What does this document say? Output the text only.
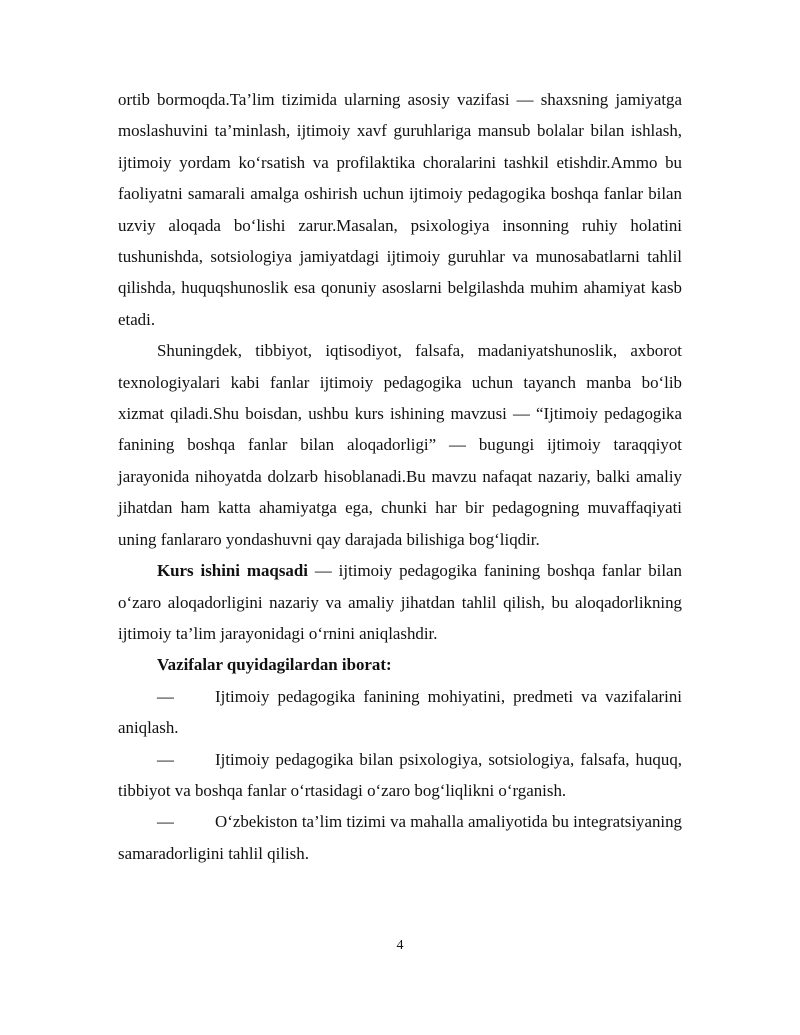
ortib bormoqda.Ta’lim tizimida ularning asosiy vazifasi — shaxsning jamiyatga moslashuvini ta’minlash, ijtimoiy xavf guruhlariga mansub bolalar bilan ishlash, ijtimoiy yordam ko‘rsatish va profilaktika choralarini tashkil etishdir.Ammo bu faoliyatni samarali amalga oshirish uchun ijtimoiy pedagogika boshqa fanlar bilan uzviy aloqada bo‘lishi zarur.Masalan, psixologiya insonning ruhiy holatini tushunishda, sotsiologiya jamiyatdagi ijtimoiy guruhlar va munosabatlarni tahlil qilishda, huquqshunoslik esa qonuniy asoslarni belgilashda muhim ahamiyat kasb etadi.

Shuningdek, tibbiyot, iqtisodiyot, falsafa, madaniyatshunoslik, axborot texnologiyalari kabi fanlar ijtimoiy pedagogika uchun tayanch manba bo‘lib xizmat qiladi.Shu boisdan, ushbu kurs ishining mavzusi — “Ijtimoiy pedagogika fanining boshqa fanlar bilan aloqadorligi” — bugungi ijtimoiy taraqqiyot jarayonida nihoyatda dolzarb hisoblanadi.Bu mavzu nafaqat nazariy, balki amaliy jihatdan ham katta ahamiyatga ega, chunki har bir pedagogning muvaffaqiyati uning fanlararo yondashuvni qay darajada bilishiga bog‘liqdir.

Kurs ishini maqsadi — ijtimoiy pedagogika fanining boshqa fanlar bilan o‘zaro aloqadorligini nazariy va amaliy jihatdan tahlil qilish, bu aloqadorlikning ijtimoiy ta’lim jarayonidagi o‘rnini aniqlashdir.

Vazifalar quyidagilardan iborat:

— Ijtimoiy pedagogika fanining mohiyatini, predmeti va vazifalarini aniqlash.

— Ijtimoiy pedagogika bilan psixologiya, sotsiologiya, falsafa, huquq, tibbiyot va boshqa fanlar o‘rtasidagi o‘zaro bog‘liqlikni o‘rganish.

— O‘zbekiston ta’lim tizimi va mahalla amaliyotida bu integratsiyaning samaradorligini tahlil qilish.

4
